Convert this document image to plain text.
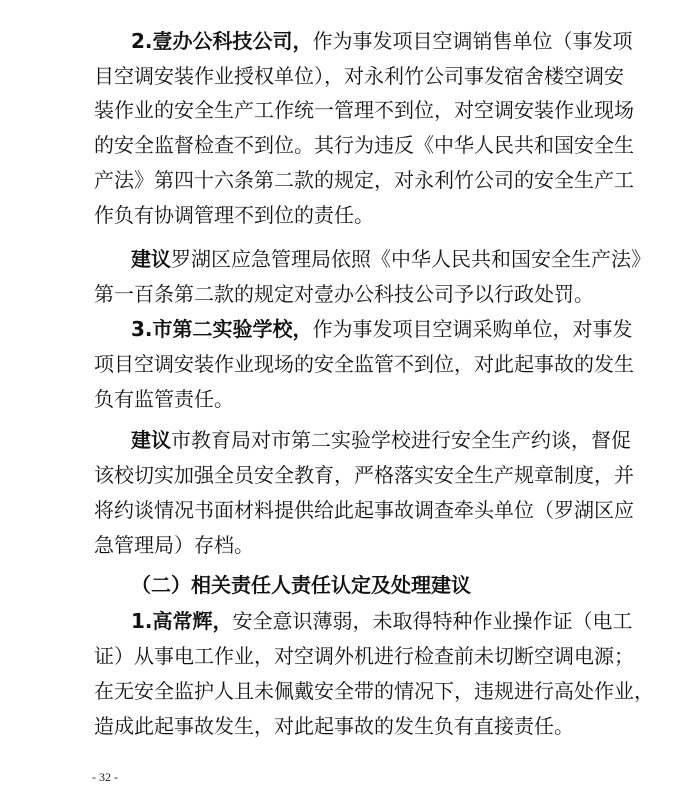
2.壹办公科技公司，作为事发项目空调销售单位（事发项
目空调安装作业授权单位），对永利竹公司事发宿舍楼空调安
装作业的安全生产工作统一管理不到位，对空调安装作业现场
的安全监督检查不到位。其行为违反《中华人民共和国安全生
产法》第四十六条第二款的规定，对永利竹公司的安全生产工
作负有协调管理不到位的责任。
建议罗湖区应急管理局依照《中华人民共和国安全生产法》
第一百条第二款的规定对壹办公科技公司予以行政处罚。
3.市第二实验学校，作为事发项目空调采购单位，对事发
项目空调安装作业现场的安全监管不到位，对此起事故的发生
负有监管责任。
建议市教育局对市第二实验学校进行安全生产约谈，督促
该校切实加强全员安全教育，严格落实安全生产规章制度，并
将约谈情况书面材料提供给此起事故调查牵头单位（罗湖区应
急管理局）存档。
（二）相关责任人责任认定及处理建议
1.高常辉，安全意识薄弱，未取得特种作业操作证（电工
证）从事电工作业，对空调外机进行检查前未切断空调电源；
在无安全监护人且未佩戴安全带的情况下，违规进行高处作业，
造成此起事故发生，对此起事故的发生负有直接责任。
- 32 -
